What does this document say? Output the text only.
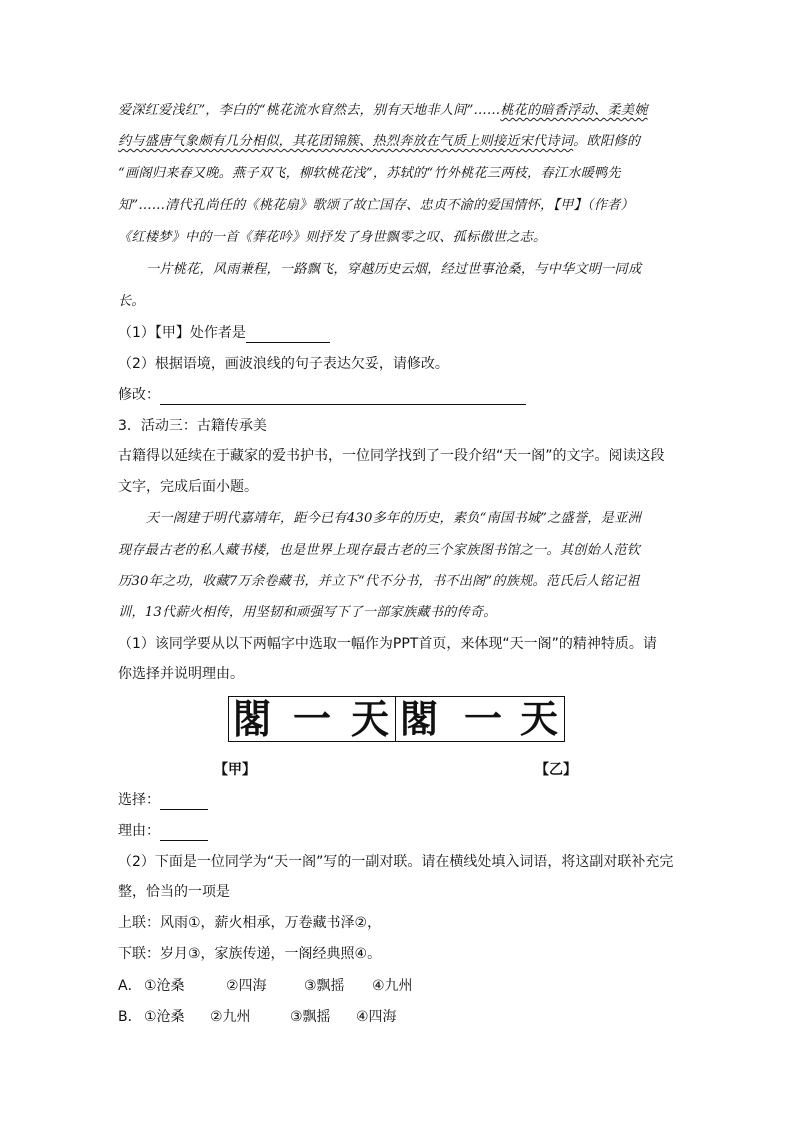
爱深红爱浅红”，李白的“桃花流水窅然去，别有天地非人间”……桃花的暗香浮动、柔美婉
约与盛唐气象颇有几分相似，其花团锦簇、热烈奔放在气质上则接近宋代诗词。欧阳修的
“画阁归来春又晚。燕子双飞，柳软桃花浅”，苏轼的“竹外桃花三两枝，春江水暖鸭先
知”……清代孔尚任的《桃花扇》歌颂了故亡国存、忠贞不渝的爱国情怀，【甲】（作者）
《红楼梦》中的一首《葬花吟》则抒发了身世飘零之叹、孤标傲世之志。
一片桃花，风雨兼程，一路飘飞，穿越历史云烟，经过世事沧桑，与中华文明一同成
长。
（1）【甲】处作者是
（2）根据语境，画波浪线的句子表达欠妥，请修改。
修改：
3．活动三：古籍传承美
古籍得以延续在于藏家的爱书护书，一位同学找到了一段介绍“天一阁”的文字。阅读这段
文字，完成后面小题。
天一阁建于明代嘉靖年，距今已有430多年的历史，素负“南国书城”之盛誉，是亚洲
现存最古老的私人藏书楼，也是世界上现存最古老的三个家族图书馆之一。其创始人范钦
历30年之功，收藏7万余卷藏书，并立下“代不分书，书不出阁”的族规。范氏后人铭记祖
训，13代薪火相传，用坚韧和顽强写下了一部家族藏书的传奇。
（1）该同学要从以下两幅字中选取一幅作为PPT首页，来体现“天一阁”的精神特质。请
你选择并说明理由。
閣 一 天 閣 一 天
【甲】	【乙】
选择：
理由：
（2）下面是一位同学为“天一阁”写的一副对联。请在横线处填入词语，将这副对联补充完
整，恰当的一项是
上联：风雨①，薪火相承，万卷藏书泽②，
下联：岁月③，家族传递，一阁经典照④。
A． ①沧桑	②四海	③飘摇 ④九州
B． ①沧桑 ②九州	③飘摇 ④四海
